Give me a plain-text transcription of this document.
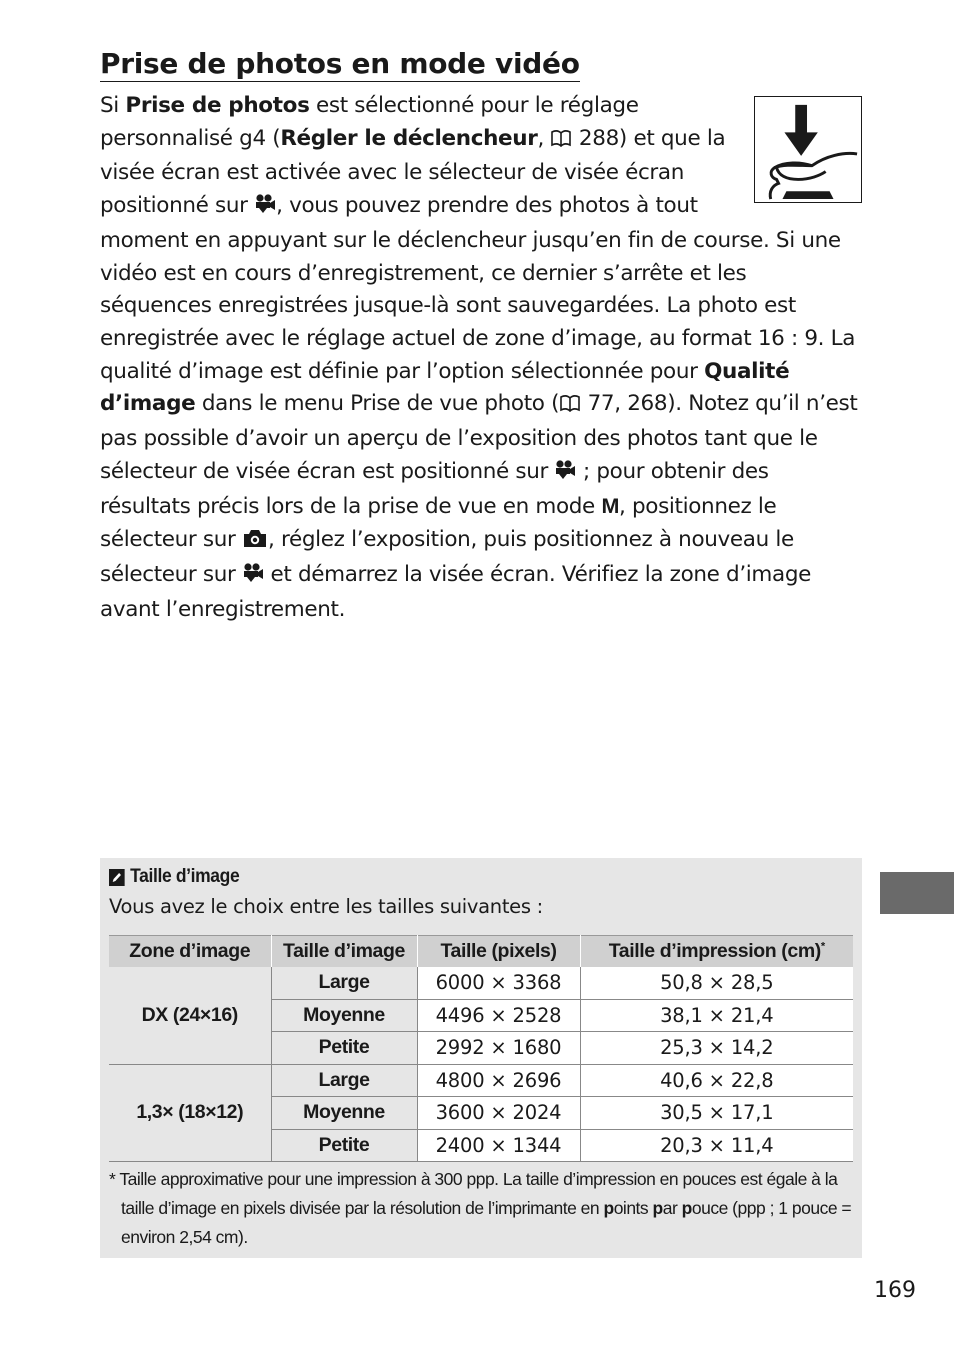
Prise de photos en mode vidéo

Si Prise de photos est sélectionné pour le réglage personnalisé g4 (Régler le déclencheur,  288) et que la visée écran est activée avec le sélecteur de visée écran positionné sur , vous pouvez prendre des photos à tout moment en appuyant sur le déclencheur jusqu’en fin de course. Si une vidéo est en cours d’enregistrement, ce dernier s’arrête et les séquences enregistrées jusque-là sont sauvegardées. La photo est enregistrée avec le réglage actuel de zone d’image, au format 16 : 9. La qualité d’image est définie par l’option sélectionnée pour Qualité d’image dans le menu Prise de vue photo ( 77, 268). Notez qu’il n’est pas possible d’avoir un aperçu de l’exposition des photos tant que le sélecteur de visée écran est positionné sur  ; pour obtenir des résultats précis lors de la prise de vue en mode M, positionnez le sélecteur sur , réglez l’exposition, puis positionnez à nouveau le sélecteur sur  et démarrez la visée écran. Vérifiez la zone d’image avant l’enregistrement.

Taille d’image
Vous avez le choix entre les tailles suivantes :
Zone d’image	Taille d’image	Taille (pixels)	Taille d’impression (cm)*
DX (24×16)	Large	6000 × 3368	50,8 × 28,5
	Moyenne	4496 × 2528	38,1 × 21,4
	Petite	2992 × 1680	25,3 × 14,2
1,3× (18×12)	Large	4800 × 2696	40,6 × 22,8
	Moyenne	3600 × 2024	30,5 × 17,1
	Petite	2400 × 1344	20,3 × 11,4
* Taille approximative pour une impression à 300 ppp. La taille d’impression en pouces est égale à la taille d’image en pixels divisée par la résolution de l’imprimante en points par pouce (ppp ; 1 pouce = environ 2,54 cm).
169
